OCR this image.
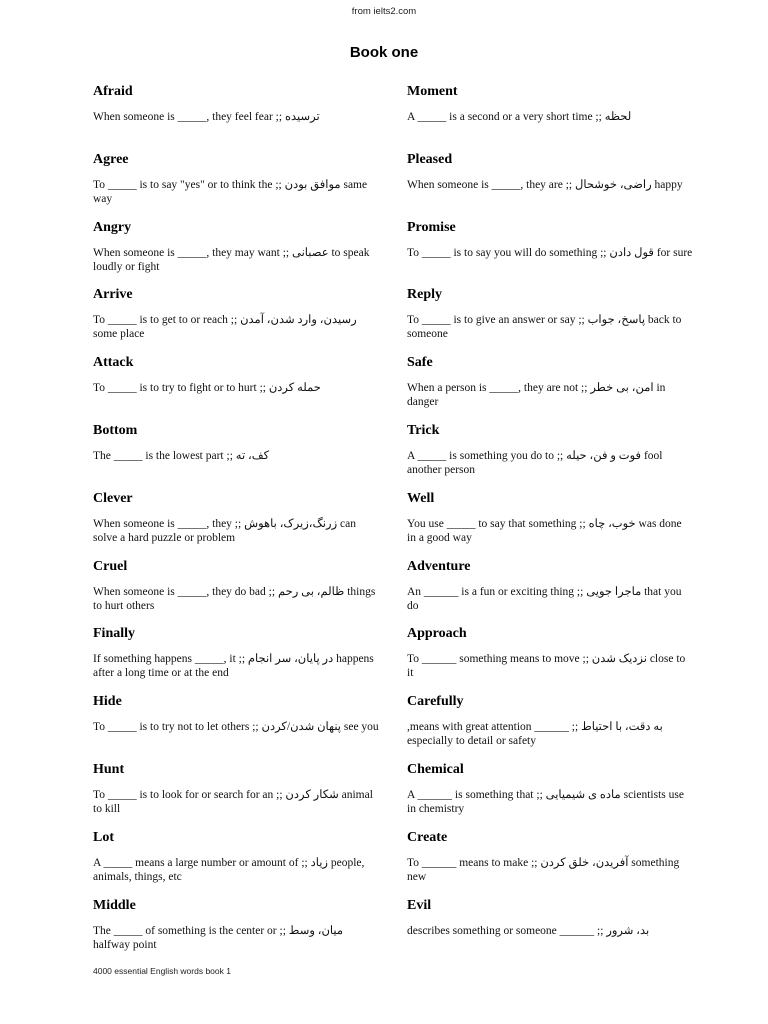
from ielts2.com
Book one
Afraid
When someone is _____, they feel fear ;; ترسیده
Agree
To _____ is to say "yes" or to think the ;; موافق بودن same way
Angry
When someone is _____, they may want ;; عصبانی to speak loudly or fight
Arrive
To _____ is to get to or reach ;; رسیدن، وارد شدن، آمدن some place
Attack
To _____ is to try to fight or to hurt ;; حمله کردن
Bottom
The _____ is the lowest part ;; کف، ته
Clever
When someone is _____, they ;; زرنگ،زیرک، باهوش can solve a hard puzzle or problem
Cruel
When someone is _____, they do bad ;; ظالم، بی رحم things to hurt others
Finally
If something happens _____, it ;; در پایان، سر انجام happens after a long time or at the end
Hide
To _____ is to try not to let others ;; پنهان شدن/کردن see you
Hunt
To _____ is to look for or search for an ;; شکار کردن animal to kill
Lot
A _____ means a large number or amount of ;; زیاد people, animals, things, etc
Middle
The _____ of something is the center or ;; میان، وسط halfway point
Moment
A _____ is a second or a very short time ;; لحظه
Pleased
When someone is _____, they are ;; راضی، خوشحال happy
Promise
To _____ is to say you will do something ;; قول دادن for sure
Reply
To _____ is to give an answer or say ;; پاسخ، جواب back to someone
Safe
When a person is _____, they are not ;; امن، بی خطر in danger
Trick
A _____ is something you do to ;; فوت و فن، حیله fool another person
Well
You use _____ to say that something ;; خوب، چاه was done in a good way
Adventure
An ______ is a fun or exciting thing ;; ماجرا جویی that you do
Approach
To ______ something means to move ;; نزدیک شدن close to it
Carefully
,means with great attention ______ ;; به دقت، با احتیاط especially to detail or safety
Chemical
A ______ is something that ;; ماده ی شیمیایی scientists use in chemistry
Create
To ______ means to make ;; آفریدن، خلق کردن something new
Evil
describes something or someone ______ ;; بد، شرور
4000 essential English words book 1
